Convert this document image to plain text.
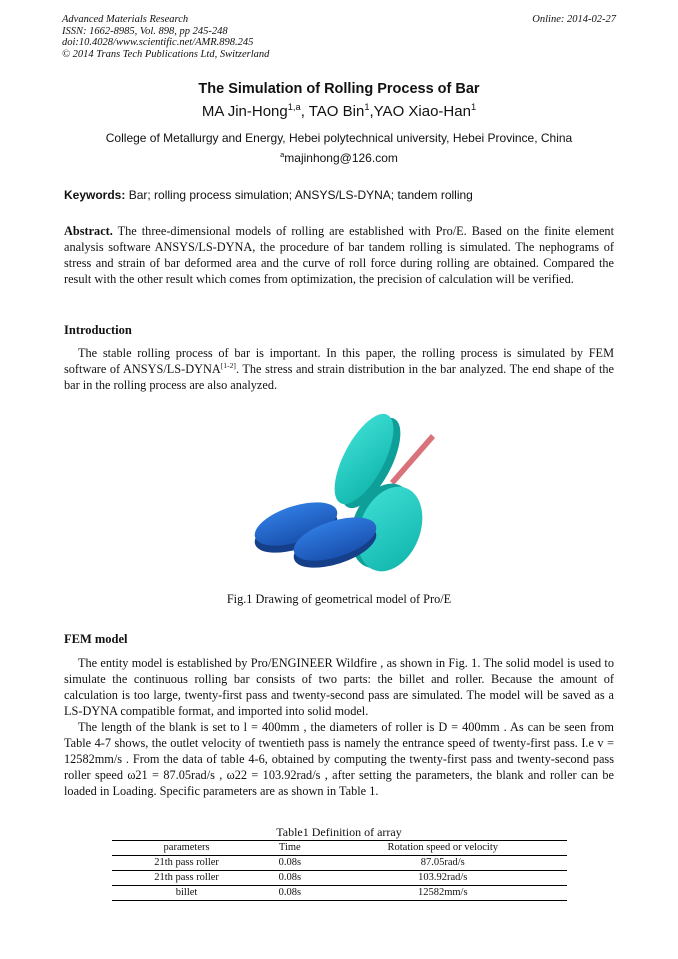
Advanced Materials Research
ISSN: 1662-8985, Vol. 898, pp 245-248
doi:10.4028/www.scientific.net/AMR.898.245
© 2014 Trans Tech Publications Ltd, Switzerland
Online: 2014-02-27
The Simulation of Rolling Process of Bar
MA Jin-Hong$^{1,a}$, TAO Bin$^1$,YAO Xiao-Han$^1$
College of Metallurgy and Energy, Hebei polytechnical university, Hebei Province, China
$^a$majinhong@126.com
Keywords: Bar; rolling process simulation; ANSYS/LS-DYNA; tandem rolling

Abstract. The three-dimensional models of rolling are established with Pro/E. Based on the finite element analysis software ANSYS/LS-DYNA, the procedure of bar tandem rolling is simulated. The nephograms of stress and strain of bar deformed area and the curve of roll force during rolling are obtained. Compared the result with the other result which comes from optimization, the precision of calculation will be verified.

Introduction

The stable rolling process of bar is important. In this paper, the rolling process is simulated by FEM software of ANSYS/LS-DYNA[1-2]. The stress and strain distribution in the bar analyzed. The end shape of the bar in the rolling process are also analyzed.

Fig.1 Drawing of geometrical model of Pro/E
FEM model

The entity model is established by Pro/ENGINEER Wildfire , as shown in Fig. 1. The solid model is used to simulate the continuous rolling bar consists of two parts: the billet and roller. Because the amount of calculation is too large, twenty-first pass and twenty-second pass are simulated. The model will be saved as a LS-DYNA compatible format, and imported into solid model.

The length of the blank is set to l = 400mm , the diameters of roller is D = 400mm . As can be seen from Table 4-7 shows, the outlet velocity of twentieth pass is namely the entrance speed of twenty-first pass. I.e v = 12582mm/s . From the data of table 4-6, obtained by computing the twenty-first pass and twenty-second pass roller speed ω21 = 87.05rad/s , ω22 = 103.92rad/s , after setting the parameters, the blank and roller can be loaded in Loading. Specific parameters are as shown in Table 1.

Table1 Definition of array
parameters	Time	Rotation speed or velocity
21th pass roller	0.08s	87.05rad/s
21th pass roller	0.08s	103.92rad/s
billet	0.08s	12582mm/s
